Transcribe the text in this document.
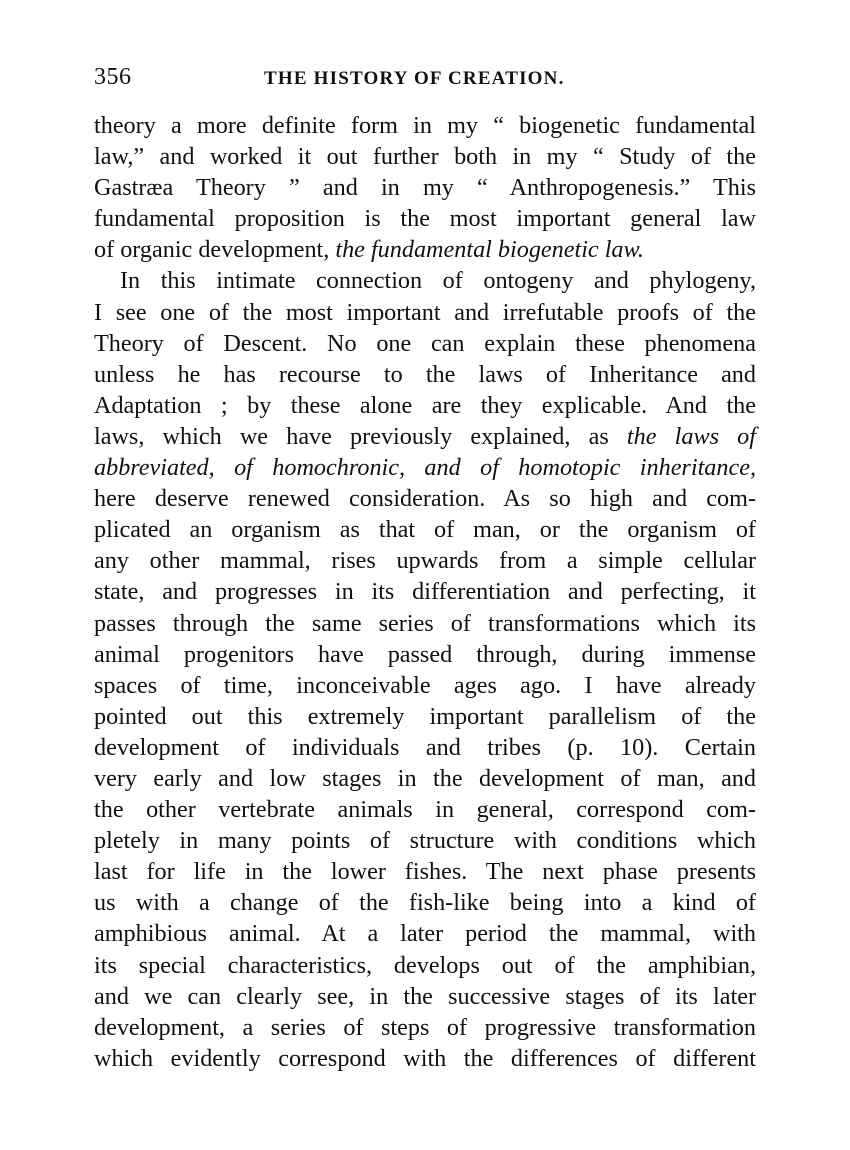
356	THE HISTORY OF CREATION.
theory a more definite form in my “ biogenetic fundamental
law,” and worked it out further both in my “ Study of the
Gastræa Theory ” and in my “ Anthropogenesis.” This
fundamental proposition is the most important general law
of organic development, the fundamental biogenetic law.
In this intimate connection of ontogeny and phylogeny,
I see one of the most important and irrefutable proofs of the
Theory of Descent. No one can explain these phenomena
unless he has recourse to the laws of Inheritance and
Adaptation ; by these alone are they explicable. And the
laws, which we have previously explained, as the laws of
abbreviated, of homochronic, and of homotopic inheritance,
here deserve renewed consideration. As so high and com-
plicated an organism as that of man, or the organism of
any other mammal, rises upwards from a simple cellular
state, and progresses in its differentiation and perfecting, it
passes through the same series of transformations which its
animal progenitors have passed through, during immense
spaces of time, inconceivable ages ago. I have already
pointed out this extremely important parallelism of the
development of individuals and tribes (p. 10). Certain
very early and low stages in the development of man, and
the other vertebrate animals in general, correspond com-
pletely in many points of structure with conditions which
last for life in the lower fishes. The next phase presents
us with a change of the fish-like being into a kind of
amphibious animal. At a later period the mammal, with
its special characteristics, develops out of the amphibian,
and we can clearly see, in the successive stages of its later
development, a series of steps of progressive transformation
which evidently correspond with the differences of different
